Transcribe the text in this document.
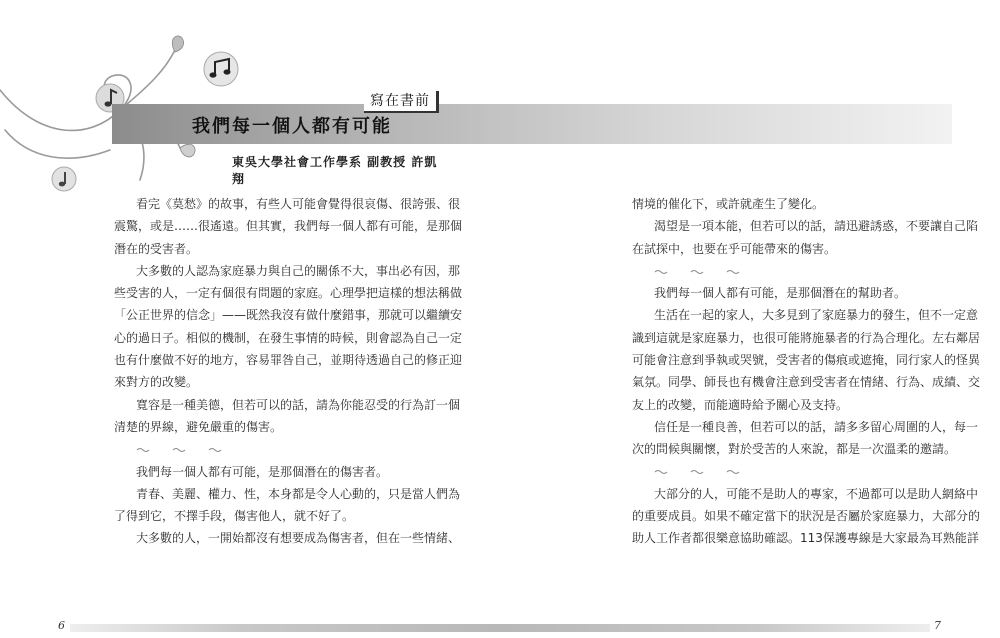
寫在書前
我們每一個人都有可能
東吳大學社會工作學系 副教授 許凱翔
看完《莫愁》的故事，有些人可能會覺得很哀傷、很誇張、很
震驚，或是……很遙遠。但其實，我們每一個人都有可能，是那個
潛在的受害者。
大多數的人認為家庭暴力與自己的關係不大，事出必有因，那
些受害的人，一定有個很有問題的家庭。心理學把這樣的想法稱做
「公正世界的信念」——既然我沒有做什麼錯事，那就可以繼續安
心的過日子。相似的機制，在發生事情的時候，則會認為自己一定
也有什麼做不好的地方，容易罪咎自己，並期待透過自己的修正迎
來對方的改變。
寬容是一種美德，但若可以的話，請為你能忍受的行為訂一個
清楚的界線，避免嚴重的傷害。
我們每一個人都有可能，是那個潛在的傷害者。
青春、美麗、權力、性，本身都是令人心動的，只是當人們為
了得到它，不擇手段，傷害他人，就不好了。
大多數的人，一開始都沒有想要成為傷害者，但在一些情緒、
情境的催化下，或許就產生了變化。
渴望是一項本能，但若可以的話，請迅避誘惑，不要讓自己陷
在試探中，也要在乎可能帶來的傷害。
我們每一個人都有可能，是那個潛在的幫助者。
生活在一起的家人，大多見到了家庭暴力的發生，但不一定意
識到這就是家庭暴力，也很可能將施暴者的行為合理化。左右鄰居
可能會注意到爭執或哭號，受害者的傷痕或遮掩，同行家人的怪異
氣氛。同學、師長也有機會注意到受害者在情緒、行為、成績、交
友上的改變，而能適時給予關心及支持。
信任是一種良善，但若可以的話，請多多留心周圍的人，每一
次的問候與關懷，對於受苦的人來說，都是一次溫柔的邀請。
大部分的人，可能不是助人的專家，不過都可以是助人網絡中
的重要成員。如果不確定當下的狀況是否屬於家庭暴力，大部分的
助人工作者都很樂意協助確認。113保護專線是大家最為耳熟能詳
6	7
